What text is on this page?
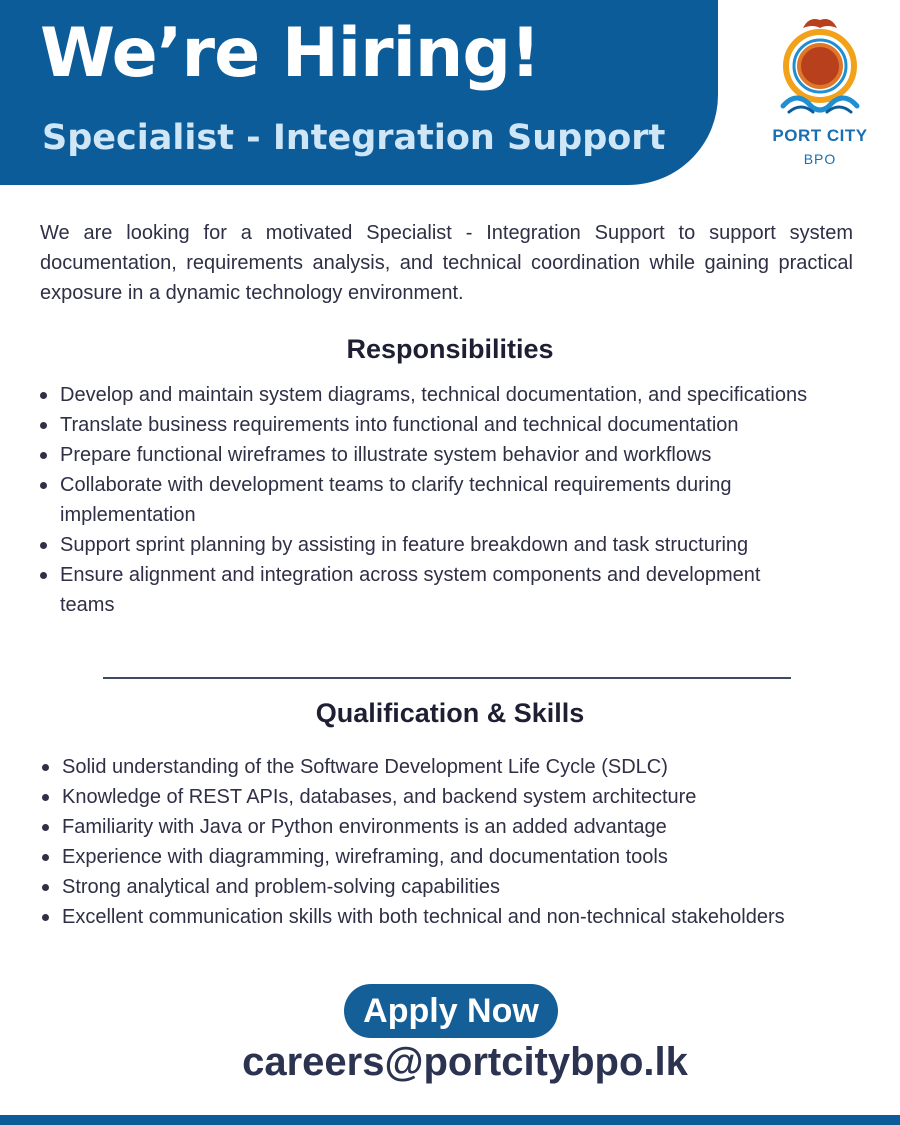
We’re Hiring!
Specialist - Integration Support	PORT CITY
BPO

We are looking for a motivated Specialist - Integration Support to support system documentation, requirements analysis, and technical coordination while gaining practical exposure in a dynamic technology environment.

Responsibilities
Develop and maintain system diagrams, technical documentation, and specifications
Translate business requirements into functional and technical documentation
Prepare functional wireframes to illustrate system behavior and workflows
Collaborate with development teams to clarify technical requirements during implementation
Support sprint planning by assisting in feature breakdown and task structuring
Ensure alignment and integration across system components and development teams
Qualification & Skills
Solid understanding of the Software Development Life Cycle (SDLC)
Knowledge of REST APIs, databases, and backend system architecture
Familiarity with Java or Python environments is an added advantage
Experience with diagramming, wireframing, and documentation tools
Strong analytical and problem-solving capabilities
Excellent communication skills with both technical and non-technical stakeholders
Apply Now
careers@portcitybpo.lk
